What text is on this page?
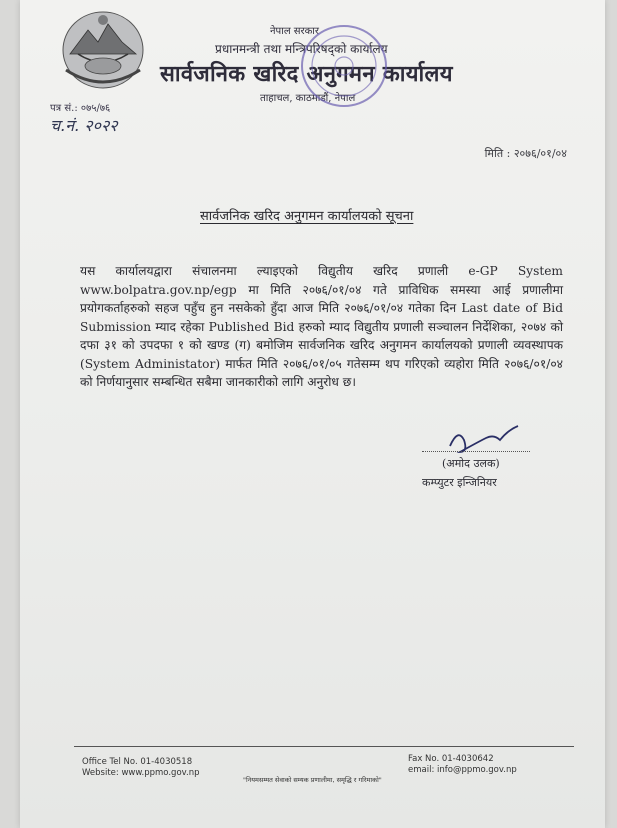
नेपाल सरकार
प्रधानमन्त्री तथा मन्त्रिपरिषद्को कार्यालय
सार्वजनिक खरिद अनुगमन कार्यालय
ताहाचल, काठमाडौं, नेपाल
पत्र सं.: ०७५/७६
च.नं. २०२२
मिति : २०७६/०१/०४
सार्वजनिक खरिद अनुगमन कार्यालयको सूचना
यस कार्यालयद्वारा संचालनमा ल्याइएको विद्युतीय खरिद प्रणाली e-GP System www.bolpatra.gov.np/egp मा मिति २०७६/०१/०४ गते प्राविधिक समस्या आई प्रणालीमा प्रयोगकर्ताहरुको सहज पहुँच हुन नसकेको हुँदा आज मिति २०७६/०१/०४ गतेका दिन Last date of Bid Submission म्याद रहेका Published Bid हरुको म्याद विद्युतीय प्रणाली सञ्चालन निर्देशिका, २०७४ को दफा ३१ को उपदफा १ को खण्ड (ग) बमोजिम सार्वजनिक खरिद अनुगमन कार्यालयको प्रणाली व्यवस्थापक (System Administator) मार्फत मिति २०७६/०१/०५ गतेसम्म थप गरिएको व्यहोरा मिति २०७६/०१/०४ को निर्णयानुसार सम्बन्धित सबैमा जानकारीको लागि अनुरोध छ।
(अमोद उलक)
कम्प्युटर इन्जिनियर
Office Tel No. 01-4030518
Website: www.ppmo.gov.np
Fax No. 01-4030642
email: info@ppmo.gov.np
"नियमसम्मत सेवाको सम्यक प्रणालीमा, समृद्धि र गरिमाको"
